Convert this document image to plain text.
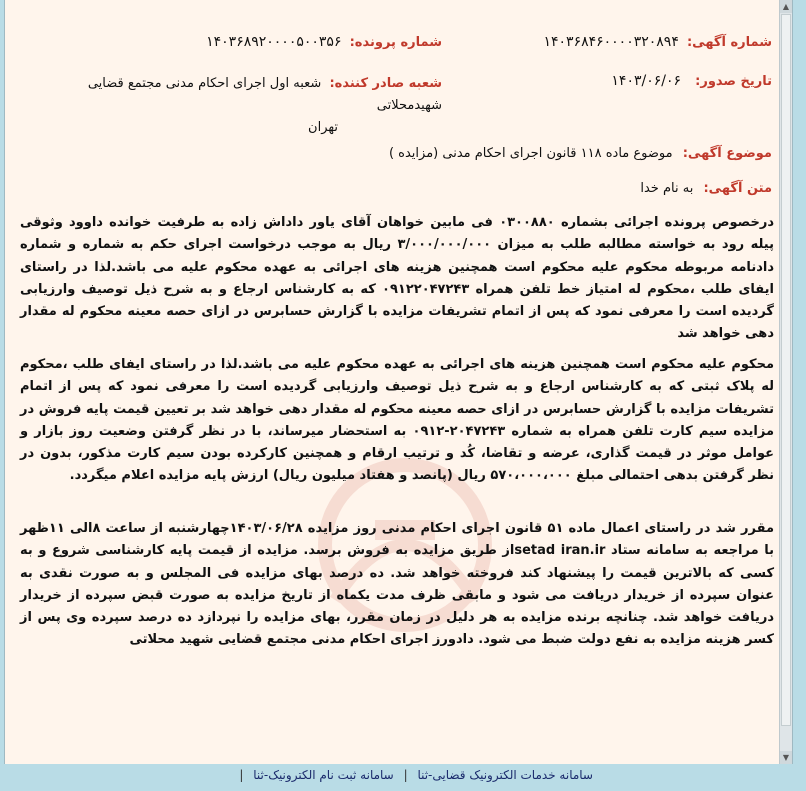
شماره آگهی: ۱۴۰۳۶۸۴۶۰۰۰۰۳۲۰۸۹۴
شماره پرونده: ۱۴۰۳۶۸۹۲۰۰۰۰۵۰۰۳۵۶
تاریخ صدور: ۱۴۰۳/۰۶/۰۶
شعبه صادر کننده: شعبه اول اجرای احکام مدنی مجتمع قضایی شهیدمحلاتی
تهران
موضوع آگهی: موضوع ماده ۱۱۸ قانون اجرای احکام مدنی (مزایده )
متن آگهی: به نام خدا

درخصوص پرونده اجرائی بشماره ۰۳۰۰۸۸۰ فی مابین خواهان آقای یاور داداش زاده به طرفیت خوانده داوود وثوقی پیله رود به خواسته مطالبه طلب به میزان ۳/۰۰۰/۰۰۰/۰۰۰ ریال به موجب درخواست اجرای حکم به شماره و شماره دادنامه مربوطه محکوم علیه محکوم است همچنین هزینه های اجرائی به عهده محکوم علیه می باشد.لذا در راستای ایفای طلب ،محکوم له امتیاز خط تلفن همراه ۰۹۱۲۲۰۴۷۲۴۳ که به کارشناس ارجاع و به شرح ذیل توصیف وارزیابی گردیده است را معرفی نمود که پس از اتمام تشریفات مزایده با گزارش حسابرس در ازای حصه معینه محکوم له مقدار دهی خواهد شد

محکوم علیه محکوم است همچنین هزینه های اجرائی به عهده محکوم علیه می باشد.لذا در راستای ایفای طلب ،محکوم له پلاک ثبتی که به کارشناس ارجاع و به شرح ذیل توصیف وارزیابی گردیده است را معرفی نمود که پس از اتمام تشریفات مزایده با گزارش حسابرس در ازای حصه معینه محکوم له مقدار دهی خواهد شد بر تعیین قیمت پایه فروش در مزایده سیم کارت تلفن همراه به شماره ۲۰۴۷۲۴۳-۰۹۱۲ به استحضار میرساند، با در نظر گرفتن وضعیت روز بازار و عوامل موثر در قیمت گذاری، عرضه و تقاضا، کُد و ترتیب ارقام و همچنین کارکرده بودن سیم کارت مذکور، بدون در نظر گرفتن بدهی احتمالی مبلغ ۵۷۰،۰۰۰،۰۰۰ ریال (پانصد و هفتاد میلیون ریال) ارزش پایه مزایده اعلام میگردد.

مقرر شد در راستای اعمال ماده ۵۱ قانون اجرای احکام مدنی روز مزایده ۱۴۰۳/۰۶/۲۸چهارشنبه از ساعت ۸الی ۱۱ظهر با مراجعه به سامانه ستاد setad iran.irاز طریق مزایده به فروش برسد. مزایده از قیمت پایه کارشناسی شروع و به کسی که بالاترین قیمت را پیشنهاد کند فروخته خواهد شد. ده درصد بهای مزایده فی المجلس و به صورت نقدی به عنوان سپرده از خریدار دریافت می شود و مابقی ظرف مدت یکماه از تاریخ مزایده به صورت قبض سپرده از خریدار دریافت خواهد شد. چنانچه برنده مزایده به هر دلیل در زمان مقرر، بهای مزایده را نپردازد ده درصد سپرده وی پس از کسر هزینه مزایده به نفع دولت ضبط می شود. دادورز اجرای احکام مدنی مجتمع قضایی شهید محلاتی

▲
▼
سامانه خدمات الکترونیک قضایی-ثنا | سامانه ثبت نام الکترونیک-ثنا |
